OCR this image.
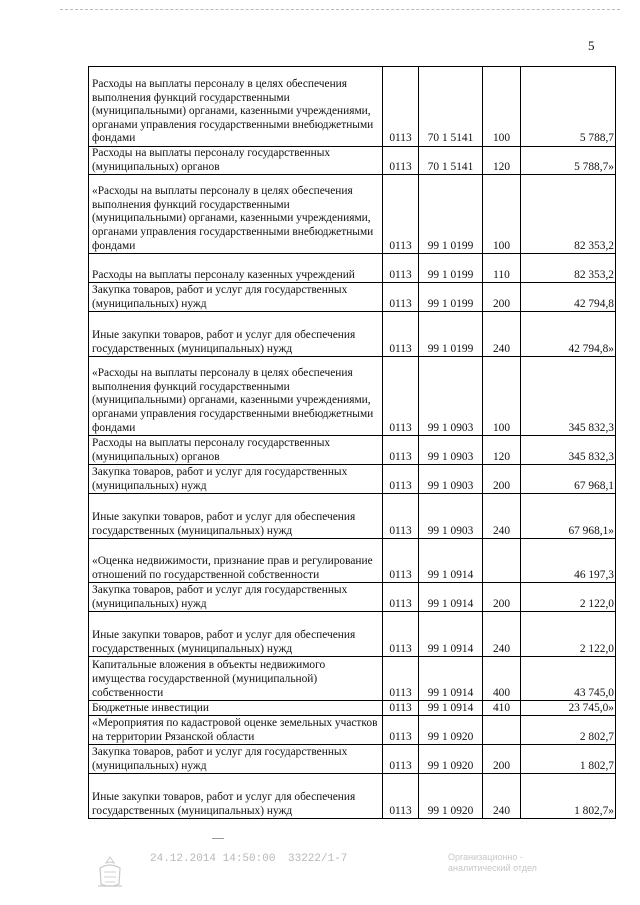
5
Расходы на выплаты персоналу в целях обеспечения выполнения функций государственными (муниципальными) органами, казенными учреждениями, органами управления государственными внебюджетными фондами	0113	70 1 5141	100	5 788,7
Расходы на выплаты персоналу государственных (муниципальных) органов	0113	70 1 5141	120	5 788,7»
«Расходы на выплаты персоналу в целях обеспечения выполнения функций государственными (муниципальными) органами, казенными учреждениями, органами управления государственными внебюджетными фондами	0113	99 1 0199	100	82 353,2
Расходы на выплаты персоналу казенных учреждений	0113	99 1 0199	110	82 353,2
Закупка товаров, работ и услуг для государственных (муниципальных) нужд	0113	99 1 0199	200	42 794,8
Иные закупки товаров, работ и услуг для обеспечения государственных (муниципальных) нужд	0113	99 1 0199	240	42 794,8»
«Расходы на выплаты персоналу в целях обеспечения выполнения функций государственными (муниципальными) органами, казенными учреждениями, органами управления государственными внебюджетными фондами	0113	99 1 0903	100	345 832,3
Расходы на выплаты персоналу государственных (муниципальных) органов	0113	99 1 0903	120	345 832,3
Закупка товаров, работ и услуг для государственных (муниципальных) нужд	0113	99 1 0903	200	67 968,1
Иные закупки товаров, работ и услуг для обеспечения государственных (муниципальных) нужд	0113	99 1 0903	240	67 968,1»
«Оценка недвижимости, признание прав и регулирование отношений по государственной собственности	0113	99 1 0914		46 197,3
Закупка товаров, работ и услуг для государственных (муниципальных) нужд	0113	99 1 0914	200	2 122,0
Иные закупки товаров, работ и услуг для обеспечения государственных (муниципальных) нужд	0113	99 1 0914	240	2 122,0
Капитальные вложения в объекты недвижимого имущества государственной (муниципальной) собственности	0113	99 1 0914	400	43 745,0
Бюджетные инвестиции	0113	99 1 0914	410	23 745,0»
«Мероприятия по кадастровой оценке земельных участков на территории Рязанской области	0113	99 1 0920		2 802,7
Закупка товаров, работ и услуг для государственных (муниципальных) нужд	0113	99 1 0920	200	1 802,7
Иные закупки товаров, работ и услуг для обеспечения государственных (муниципальных) нужд	0113	99 1 0920	240	1 802,7»
24.12.2014 14:50:00 33222/1-7	Организационно -
аналитический отдел
